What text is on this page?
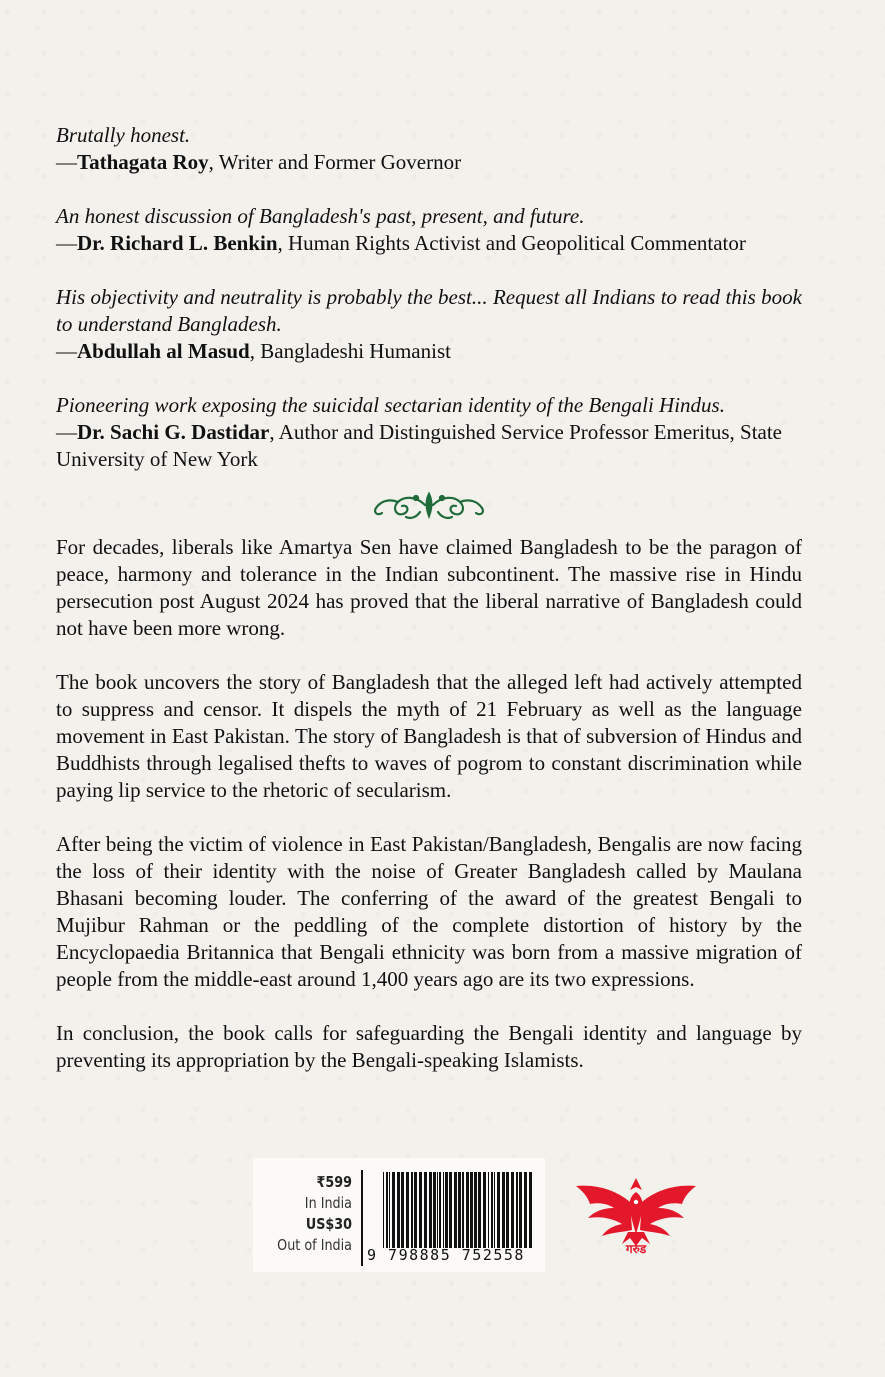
Brutally honest.
—Tathagata Roy, Writer and Former Governor
An honest discussion of Bangladesh's past, present, and future.
—Dr. Richard L. Benkin, Human Rights Activist and Geopolitical Commentator
His objectivity and neutrality is probably the best... Request all Indians to read this book to understand Bangladesh.
—Abdullah al Masud, Bangladeshi Humanist
Pioneering work exposing the suicidal sectarian identity of the Bengali Hindus.
—Dr. Sachi G. Dastidar, Author and Distinguished Service Professor Emeritus, State University of New York

For decades, liberals like Amartya Sen have claimed Bangladesh to be the paragon of peace, harmony and tolerance in the Indian subcontinent. The massive rise in Hindu persecution post August 2024 has proved that the liberal narrative of Bangladesh could not have been more wrong.

The book uncovers the story of Bangladesh that the alleged left had actively attempted to suppress and censor. It dispels the myth of 21 February as well as the language movement in East Pakistan. The story of Bangladesh is that of subversion of Hindus and Buddhists through legalised thefts to waves of pogrom to constant discrimination while paying lip service to the rhetoric of secularism.

After being the victim of violence in East Pakistan/Bangladesh, Bengalis are now facing the loss of their identity with the noise of Greater Bangladesh called by Maulana Bhasani becoming louder. The conferring of the award of the greatest Bengali to Mujibur Rahman or the peddling of the complete distortion of history by the Encyclopaedia Britannica that Bengali ethnicity was born from a massive migration of people from the middle-east around 1,400 years ago are its two expressions.

In conclusion, the book calls for safeguarding the Bengali identity and language by preventing its appropriation by the Bengali-speaking Islamists.

₹599
In India
US$30
Out of India
9 798885 752558	गरुड
